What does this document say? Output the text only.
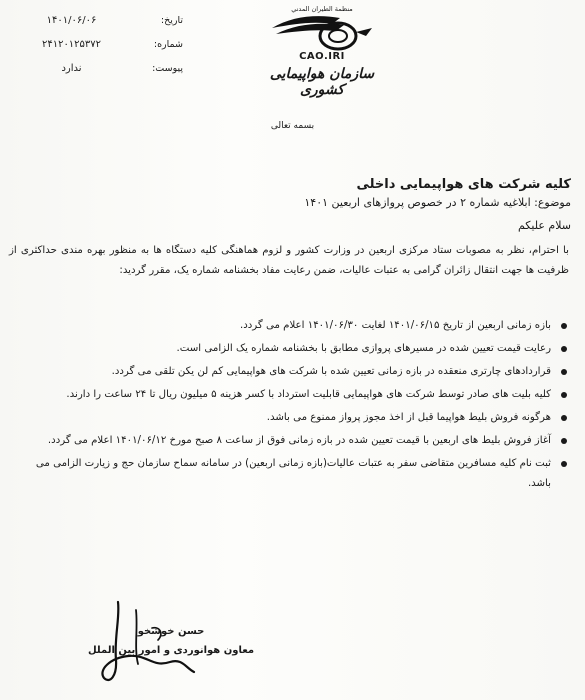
تاریخ:
۱۴۰۱/۰۶/۰۶
شماره:
۲۴۱۲۰۱۲۵۳۷۲
پیوست:
ندارد
منظمة الطيران المدني
CAO.IRI
سازمان هواپیمایی کشوری
بسمه تعالی
کلیه شرکت های هواپیمایی داخلی
موضوع: ابلاغیه شماره ۲ در خصوص پروازهای اربعین ۱۴۰۱
سلام علیکم
با احترام، نظر به مصوبات ستاد مرکزی اربعین در وزارت کشور و لزوم هماهنگی کلیه دستگاه ها به منظور بهره مندی حداکثری از ظرفیت ها جهت انتقال زائران گرامی به عتبات عالیات، ضمن رعایت مفاد بخشنامه شماره یک، مقرر گردید:
بازه زمانی اربعین از تاریخ ۱۴۰۱/۰۶/۱۵ لغایت ۱۴۰۱/۰۶/۳۰ اعلام می گردد.
رعایت قیمت تعیین شده در مسیرهای پروازی مطابق با بخشنامه شماره یک الزامی است.
قراردادهای چارتری منعقده در بازه زمانی تعیین شده با شرکت های هواپیمایی کم لن یکن تلقی می گردد.
کلیه بلیت های صادر توسط شرکت های هواپیمایی قابلیت استرداد با کسر هزینه ۵ میلیون ریال تا ۲۴ ساعت را دارند.
هرگونه فروش بلیط هواپیما قبل از اخذ مجوز پرواز ممنوع می باشد.
آغاز فروش بلیط های اربعین با قیمت تعیین شده در بازه زمانی فوق از ساعت ۸ صبح مورخ ۱۴۰۱/۰۶/۱۲ اعلام می گردد.
ثبت نام کلیه مسافرین متقاضی سفر به عتبات عالیات(بازه زمانی اربعین) در سامانه سماح سازمان حج و زیارت الزامی می باشد.
حسن خوشخو
معاون هوانوردی و امور بین الملل
